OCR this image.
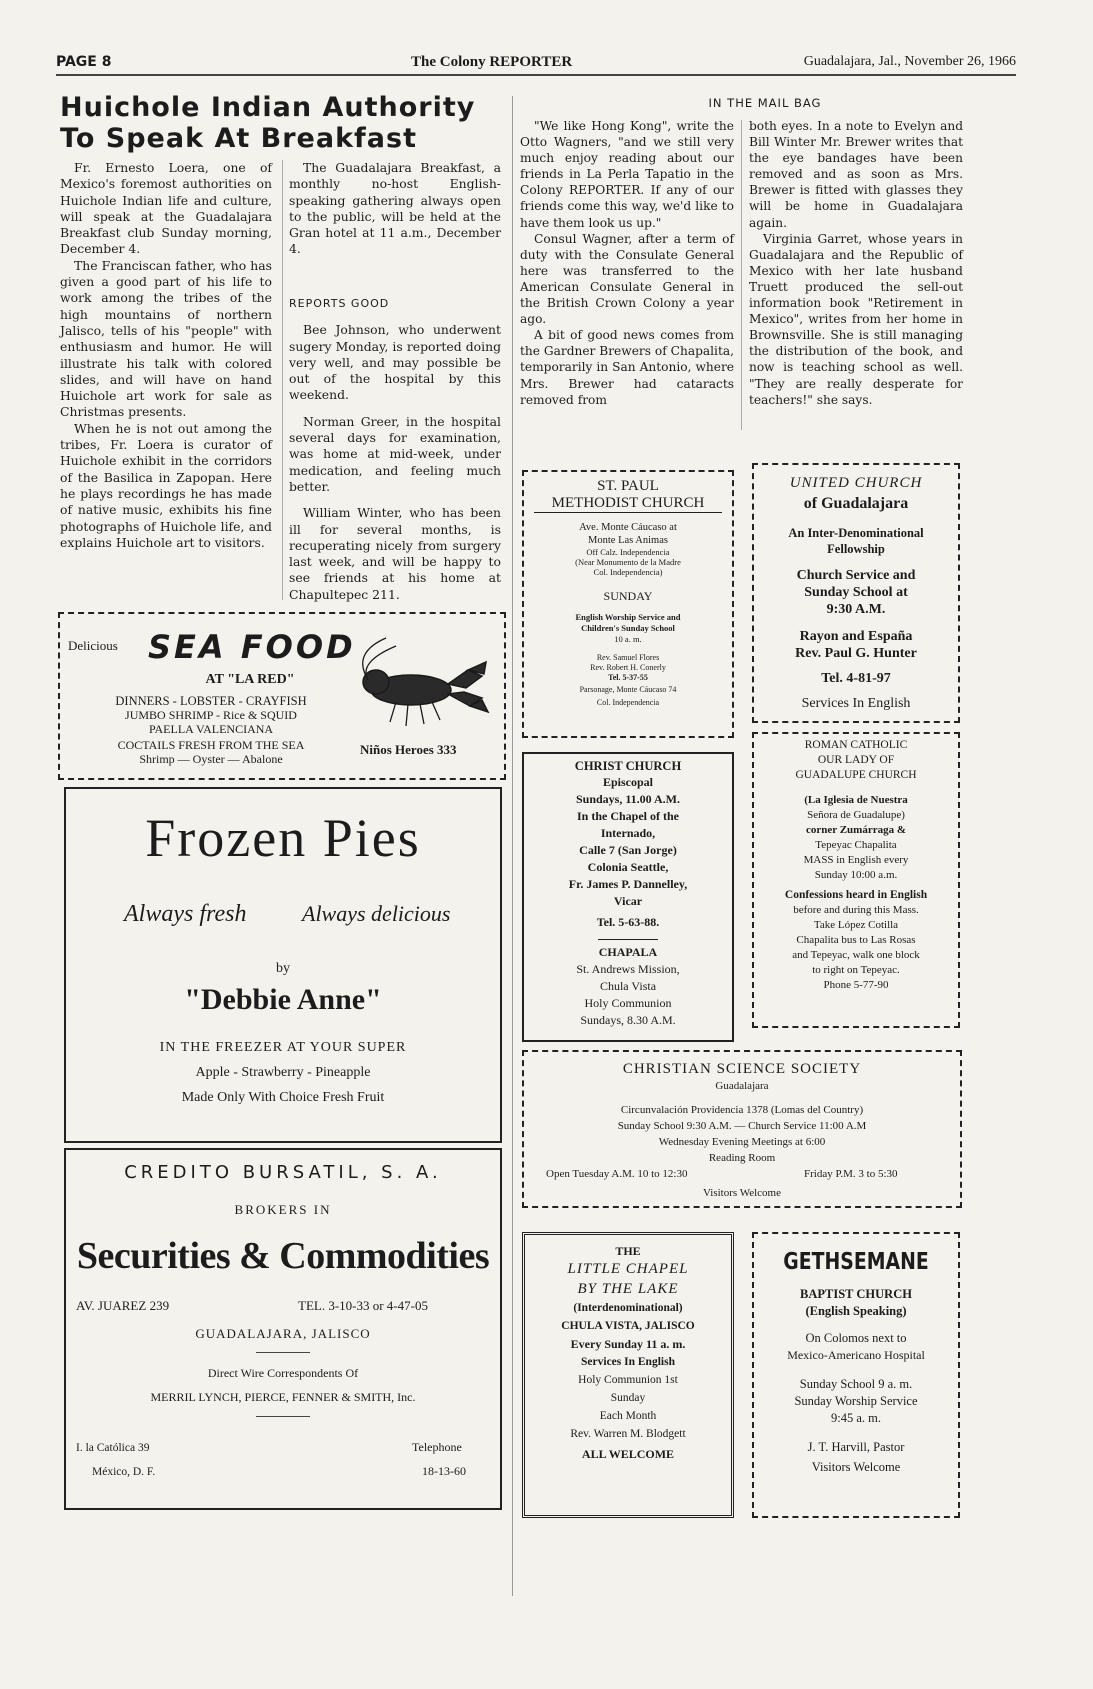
PAGE 8	The Colony REPORTER	Guadalajara, Jal., November 26, 1966
Huichole Indian Authority
To Speak At Breakfast

Fr. Ernesto Loera, one of Mexico's foremost authorities on Huichole Indian life and culture, will speak at the Guadalajara Breakfast club Sunday morning, December 4.

The Franciscan father, who has given a good part of his life to work among the tribes of the high mountains of northern Jalisco, tells of his "people" with enthusiasm and humor. He will illustrate his talk with colored slides, and will have on hand Huichole art work for sale as Christmas presents.

When he is not out among the tribes, Fr. Loera is curator of Huichole exhibit in the corridors of the Basilica in Zapopan. Here he plays recordings he has made of native music, exhibits his fine photographs of Huichole life, and explains Huichole art to visitors.

The Guadalajara Breakfast, a monthly no-host English-speaking gathering always open to the public, will be held at the Gran hotel at 11 a.m., December 4.

REPORTS GOOD

Bee Johnson, who underwent sugery Monday, is reported doing very well, and may possible be out of the hospital by this weekend.

Norman Greer, in the hospital several days for examination, was home at mid-week, under medication, and feeling much better.

William Winter, who has been ill for several months, is recuperating nicely from surgery last week, and will be happy to see friends at his home at Chapultepec 211.

IN THE MAIL BAG

"We like Hong Kong", write the Otto Wagners, "and we still very much enjoy reading about our friends in La Perla Tapatio in the Colony REPORTER. If any of our friends come this way, we'd like to have them look us up."

Consul Wagner, after a term of duty with the Consulate General here was transferred to the American Consulate General in the British Crown Colony a year ago.

A bit of good news comes from the Gardner Brewers of Chapalita, temporarily in San Antonio, where Mrs. Brewer had cataracts removed from

both eyes. In a note to Evelyn and Bill Winter Mr. Brewer writes that the eye bandages have been removed and as soon as Mrs. Brewer is fitted with glasses they will be home in Guadalajara again.

Virginia Garret, whose years in Guadalajara and the Republic of Mexico with her late husband Truett produced the sell-out information book "Retirement in Mexico", writes from her home in Brownsville. She is still managing the distribution of the book, and now is teaching school as well. "They are really desperate for teachers!" she says.

Delicious SEA FOOD
AT "LA RED"
DINNERS - LOBSTER - CRAYFISH
JUMBO SHRIMP - Rice & SQUID
PAELLA VALENCIANA
COCTAILS FRESH FROM THE SEA
Shrimp — Oyster — Abalone
Niños Heroes 333
Frozen Pies
Always fresh	Always delicious
by
"Debbie Anne"
IN THE FREEZER AT YOUR SUPER
Apple - Strawberry - Pineapple
Made Only With Choice Fresh Fruit
CREDITO BURSATIL, S. A.
BROKERS IN
Securities & Commodities
AV. JUAREZ 239	TEL. 3-10-33 or 4-47-05
GUADALAJARA, JALISCO
Direct Wire Correspondents Of
MERRIL LYNCH, PIERCE, FENNER & SMITH, Inc.
I. la Católica 39
México, D. F.
Telephone
18-13-60
ST. PAUL
METHODIST CHURCH
Ave. Monte Cáucaso at
Monte Las Animas
Off Calz. Independencia
(Near Monumento de la Madre
Col. Independencia)
SUNDAY
English Worship Service and
Children's Sunday School
10 a. m.
Rev. Samuel Flores
Rev. Robert H. Conerly
Tel. 5-37-55
Parsonage, Monte Cáucaso 74
Col. Independencia
UNITED CHURCH
of Guadalajara
An Inter-Denominational
Fellowship
Church Service and
Sunday School at
9:30 A.M.
Rayon and España
Rev. Paul G. Hunter
Tel. 4-81-97
Services In English
CHRIST CHURCH
Episcopal
Sundays, 11.00 A.M.
In the Chapel of the
Internado,
Calle 7 (San Jorge)
Colonia Seattle,
Fr. James P. Dannelley,
Vicar
Tel. 5-63-88.
CHAPALA
St. Andrews Mission,
Chula Vista
Holy Communion
Sundays, 8.30 A.M.
ROMAN CATHOLIC
OUR LADY OF
GUADALUPE CHURCH
(La Iglesia de Nuestra
Señora de Guadalupe)
corner Zumárraga &
Tepeyac Chapalita
MASS in English every
Sunday 10:00 a.m.
Confessions heard in English
before and during this Mass.
Take López Cotilla
Chapalita bus to Las Rosas
and Tepeyac, walk one block
to right on Tepeyac.
Phone 5-77-90
CHRISTIAN SCIENCE SOCIETY
Guadalajara
Circunvalación Providencia 1378 (Lomas del Country)
Sunday School 9:30 A.M. — Church Service 11:00 A.M
Wednesday Evening Meetings at 6:00
Reading Room
Open Tuesday A.M. 10 to 12:30	Friday P.M. 3 to 5:30
Visitors Welcome
THE
LITTLE CHAPEL
BY THE LAKE
(Interdenominational)
CHULA VISTA, JALISCO
Every Sunday 11 a. m.
Services In English
Holy Communion 1st
Sunday
Each Month
Rev. Warren M. Blodgett
ALL WELCOME
GETHSEMANE
BAPTIST CHURCH
(English Speaking)
On Colomos next to
Mexico-Americano Hospital
Sunday School 9 a. m.
Sunday Worship Service
9:45 a. m.
J. T. Harvill, Pastor
Visitors Welcome
